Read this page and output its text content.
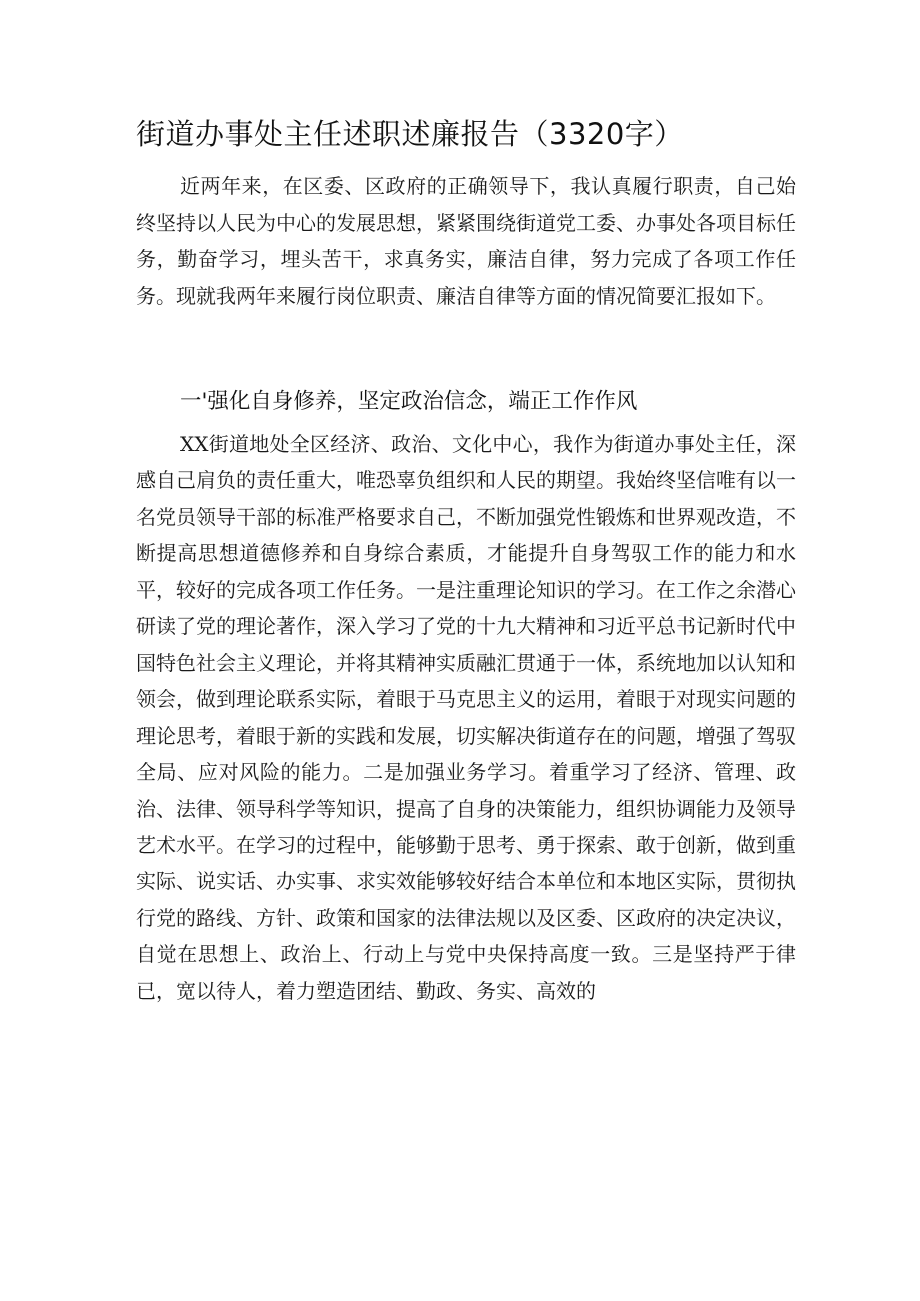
街道办事处主任述职述廉报告（3320字）

近两年来，在区委、区政府的正确领导下，我认真履行职责，自己始终坚持以人民为中心的发展思想，紧紧围绕街道党工委、办事处各项目标任务，勤奋学习，埋头苦干，求真务实，廉洁自律，努力完成了各项工作任务。现就我两年来履行岗位职责、廉洁自律等方面的情况简要汇报如下。

一'强化自身修养，坚定政治信念，端正工作作风

XX街道地处全区经济、政治、文化中心，我作为街道办事处主任，深感自己肩负的责任重大，唯恐辜负组织和人民的期望。我始终坚信唯有以一名党员领导干部的标准严格要求自己，不断加强党性锻炼和世界观改造，不断提高思想道德修养和自身综合素质，才能提升自身驾驭工作的能力和水平，较好的完成各项工作任务。一是注重理论知识的学习。在工作之余潜心研读了党的理论著作，深入学习了党的十九大精神和习近平总书记新时代中国特色社会主义理论，并将其精神实质融汇贯通于一体，系统地加以认知和领会，做到理论联系实际，着眼于马克思主义的运用，着眼于对现实问题的理论思考，着眼于新的实践和发展，切实解决街道存在的问题，增强了驾驭全局、应对风险的能力。二是加强业务学习。着重学习了经济、管理、政治、法律、领导科学等知识，提高了自身的决策能力，组织协调能力及领导艺术水平。在学习的过程中，能够勤于思考、勇于探索、敢于创新，做到重实际、说实话、办实事、求实效能够较好结合本单位和本地区实际，贯彻执行党的路线、方针、政策和国家的法律法规以及区委、区政府的决定决议，自觉在思想上、政治上、行动上与党中央保持高度一致。三是坚持严于律已，宽以待人，着力塑造团结、勤政、务实、高效的
